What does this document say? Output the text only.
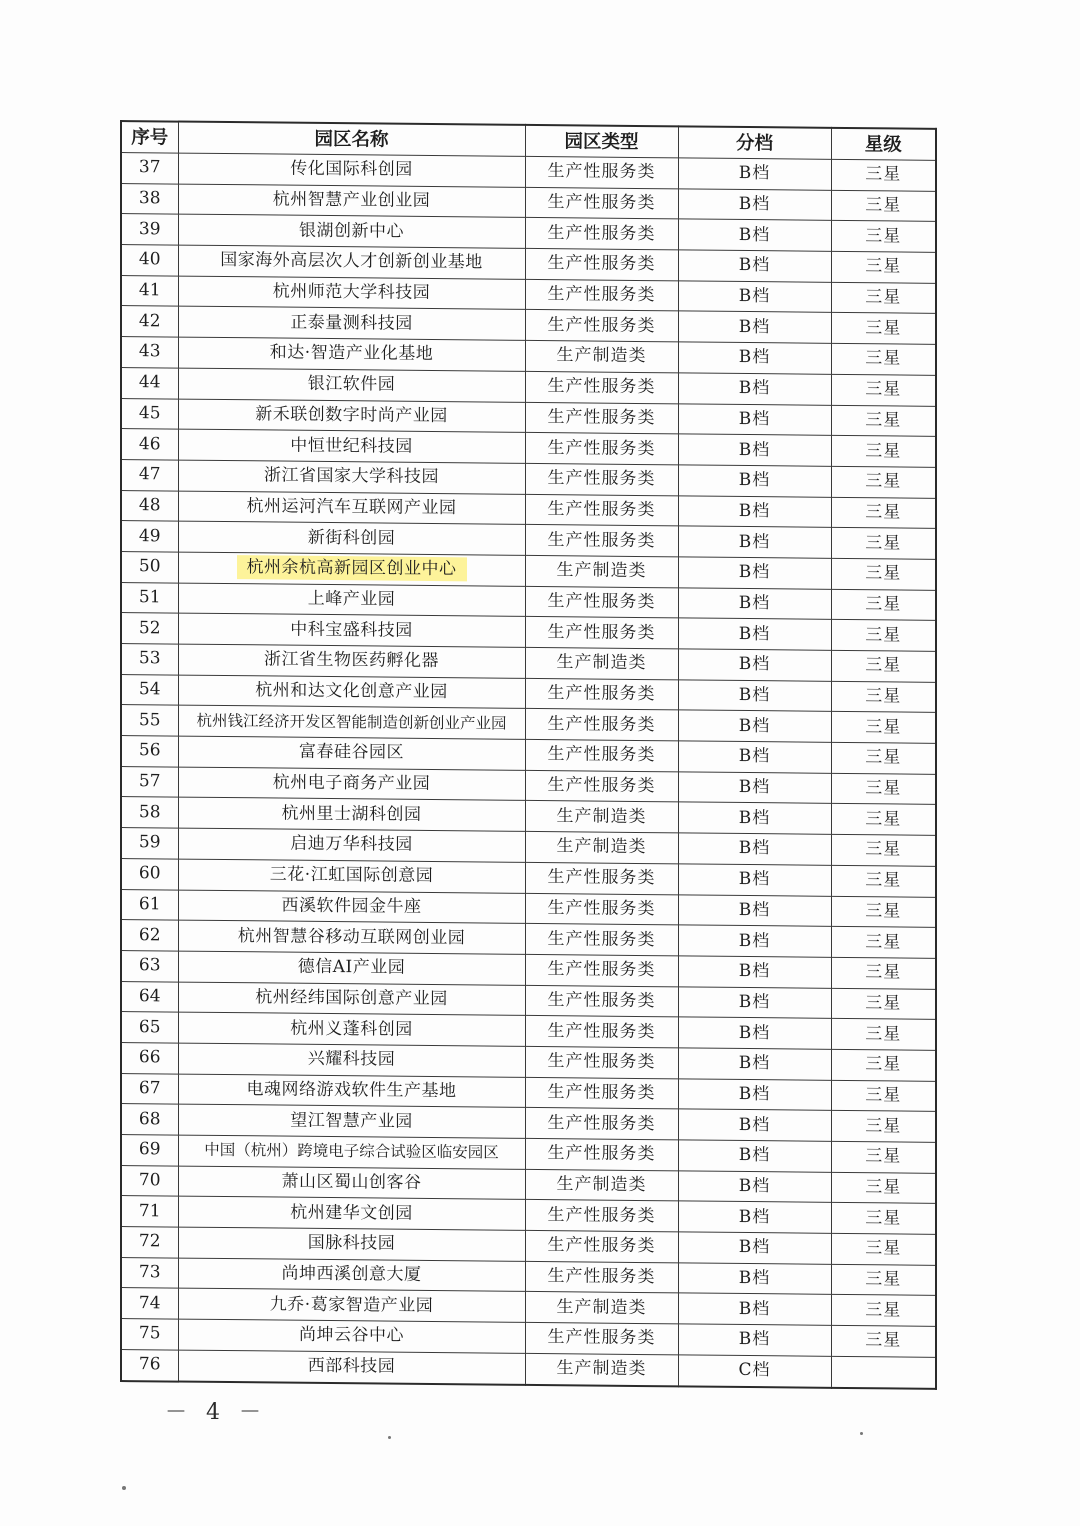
序号	园区名称	园区类型	分档	星级
37	传化国际科创园	生产性服务类	B档	三星
38	杭州智慧产业创业园	生产性服务类	B档	三星
39	银湖创新中心	生产性服务类	B档	三星
40	国家海外高层次人才创新创业基地	生产性服务类	B档	三星
41	杭州师范大学科技园	生产性服务类	B档	三星
42	正泰量测科技园	生产性服务类	B档	三星
43	和达·智造产业化基地	生产制造类	B档	三星
44	银江软件园	生产性服务类	B档	三星
45	新禾联创数字时尚产业园	生产性服务类	B档	三星
46	中恒世纪科技园	生产性服务类	B档	三星
47	浙江省国家大学科技园	生产性服务类	B档	三星
48	杭州运河汽车互联网产业园	生产性服务类	B档	三星
49	新街科创园	生产性服务类	B档	三星
50	杭州余杭高新园区创业中心	生产制造类	B档	三星
51	上峰产业园	生产性服务类	B档	三星
52	中科宝盛科技园	生产性服务类	B档	三星
53	浙江省生物医药孵化器	生产制造类	B档	三星
54	杭州和达文化创意产业园	生产性服务类	B档	三星
55	杭州钱江经济开发区智能制造创新创业产业园	生产性服务类	B档	三星
56	富春硅谷园区	生产性服务类	B档	三星
57	杭州电子商务产业园	生产性服务类	B档	三星
58	杭州里士湖科创园	生产制造类	B档	三星
59	启迪万华科技园	生产制造类	B档	三星
60	三花·江虹国际创意园	生产性服务类	B档	三星
61	西溪软件园金牛座	生产性服务类	B档	三星
62	杭州智慧谷移动互联网创业园	生产性服务类	B档	三星
63	德信AI产业园	生产性服务类	B档	三星
64	杭州经纬国际创意产业园	生产性服务类	B档	三星
65	杭州义蓬科创园	生产性服务类	B档	三星
66	兴耀科技园	生产性服务类	B档	三星
67	电魂网络游戏软件生产基地	生产性服务类	B档	三星
68	望江智慧产业园	生产性服务类	B档	三星
69	中国（杭州）跨境电子综合试验区临安园区	生产性服务类	B档	三星
70	萧山区蜀山创客谷	生产制造类	B档	三星
71	杭州建华文创园	生产性服务类	B档	三星
72	国脉科技园	生产性服务类	B档	三星
73	尚坤西溪创意大厦	生产性服务类	B档	三星
74	九乔·葛家智造产业园	生产制造类	B档	三星
75	尚坤云谷中心	生产性服务类	B档	三星
76	西部科技园	生产制造类	C档	
－ 4 －
